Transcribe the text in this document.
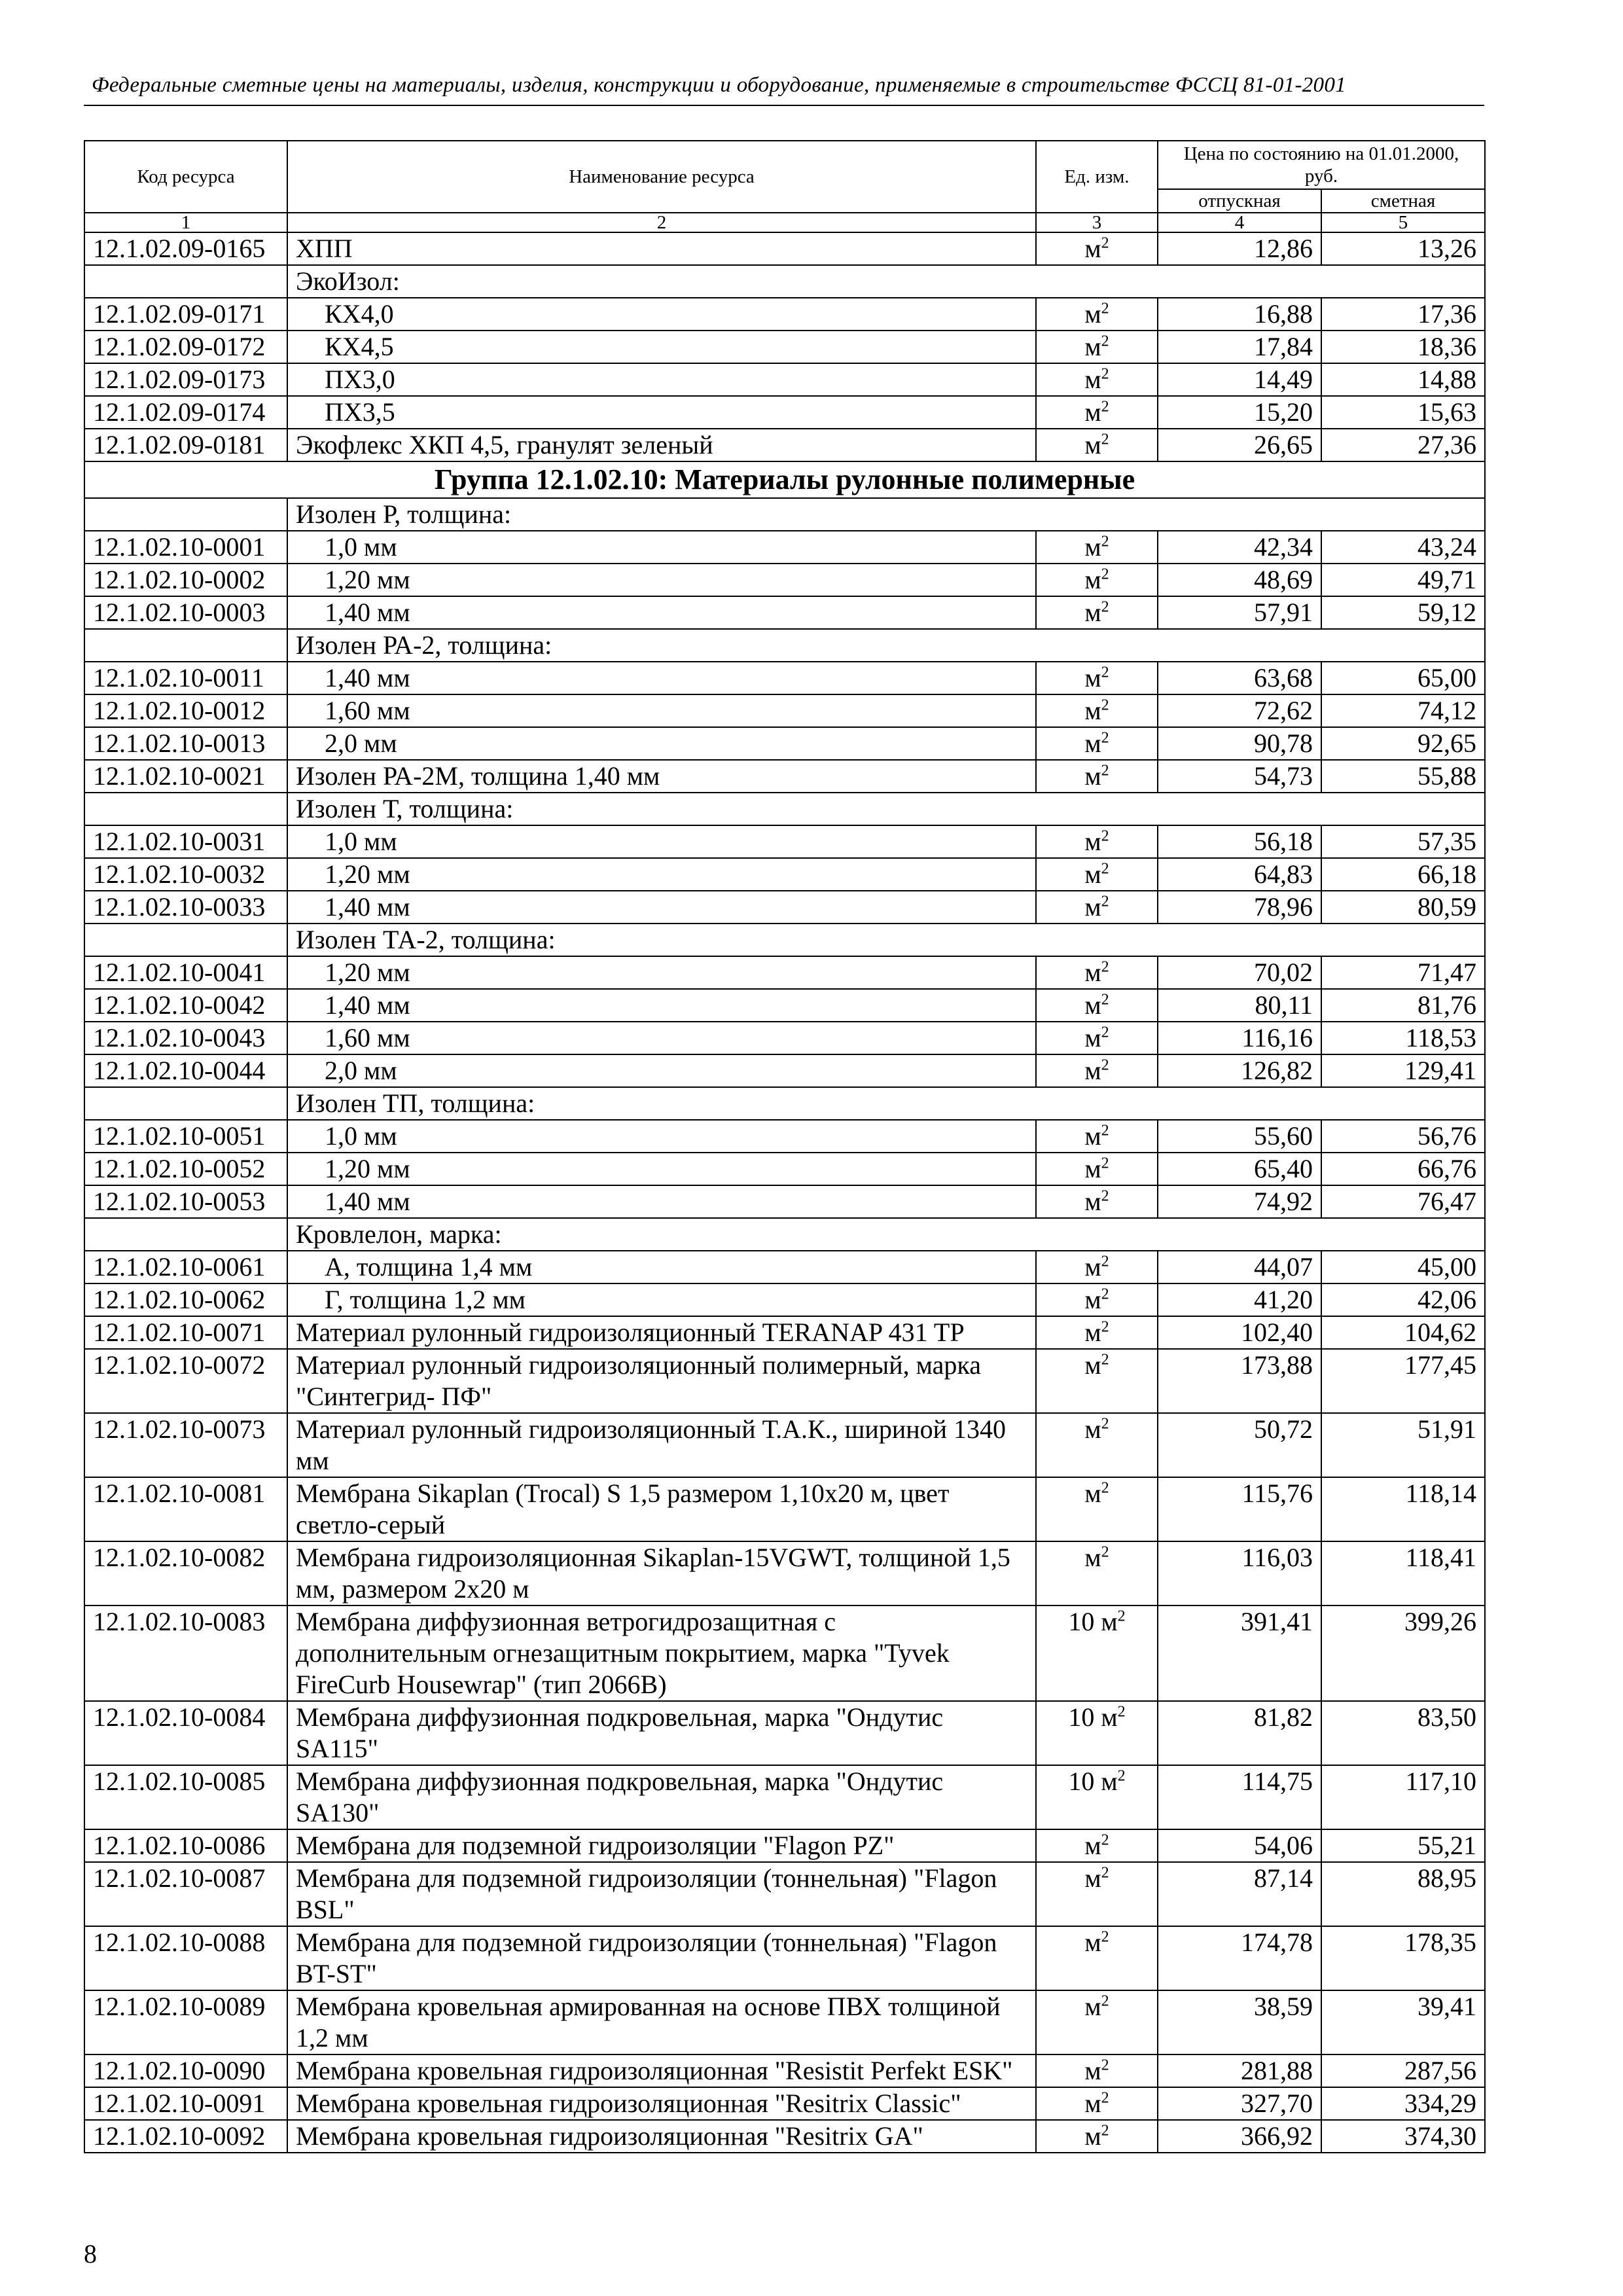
Федеральные сметные цены на материалы, изделия, конструкции и оборудование, применяемые в строительстве ФССЦ 81-01-2001
Код ресурса	Наименование ресурса	Ед. изм.	Цена по состоянию на 01.01.2000, руб.	
			отпускная	сметная
1	2	3	4	5
12.1.02.09-0165	ХПП	$м^2$	12,86	13,26
	ЭкоИзол:			
12.1.02.09-0171	КХ4,0	$м^2$	16,88	17,36
12.1.02.09-0172	КХ4,5	$м^2$	17,84	18,36
12.1.02.09-0173	ПХ3,0	$м^2$	14,49	14,88
12.1.02.09-0174	ПХ3,5	$м^2$	15,20	15,63
12.1.02.09-0181	Экофлекс ХКП 4,5, гранулят зеленый	$м^2$	26,65	27,36
Группа 12.1.02.10: Материалы рулонные полимерные				
	Изолен Р, толщина:			
12.1.02.10-0001	1,0 мм	$м^2$	42,34	43,24
12.1.02.10-0002	1,20 мм	$м^2$	48,69	49,71
12.1.02.10-0003	1,40 мм	$м^2$	57,91	59,12
	Изолен РА-2, толщина:			
12.1.02.10-0011	1,40 мм	$м^2$	63,68	65,00
12.1.02.10-0012	1,60 мм	$м^2$	72,62	74,12
12.1.02.10-0013	2,0 мм	$м^2$	90,78	92,65
12.1.02.10-0021	Изолен РА-2М, толщина 1,40 мм	$м^2$	54,73	55,88
	Изолен Т, толщина:			
12.1.02.10-0031	1,0 мм	$м^2$	56,18	57,35
12.1.02.10-0032	1,20 мм	$м^2$	64,83	66,18
12.1.02.10-0033	1,40 мм	$м^2$	78,96	80,59
	Изолен ТА-2, толщина:			
12.1.02.10-0041	1,20 мм	$м^2$	70,02	71,47
12.1.02.10-0042	1,40 мм	$м^2$	80,11	81,76
12.1.02.10-0043	1,60 мм	$м^2$	116,16	118,53
12.1.02.10-0044	2,0 мм	$м^2$	126,82	129,41
	Изолен ТП, толщина:			
12.1.02.10-0051	1,0 мм	$м^2$	55,60	56,76
12.1.02.10-0052	1,20 мм	$м^2$	65,40	66,76
12.1.02.10-0053	1,40 мм	$м^2$	74,92	76,47
	Кровлелон, марка:			
12.1.02.10-0061	А, толщина 1,4 мм	$м^2$	44,07	45,00
12.1.02.10-0062	Г, толщина 1,2 мм	$м^2$	41,20	42,06
12.1.02.10-0071	Материал рулонный гидроизоляционный TERANAP 431 TP	$м^2$	102,40	104,62
12.1.02.10-0072	Материал рулонный гидроизоляционный полимерный, марка "Синтегрид- ПФ"	$м^2$	173,88	177,45
12.1.02.10-0073	Материал рулонный гидроизоляционный Т.А.К., шириной 1340 мм	$м^2$	50,72	51,91
12.1.02.10-0081	Мембрана Sikaplan (Trocal) S 1,5 размером 1,10х20 м, цвет светло-серый	$м^2$	115,76	118,14
12.1.02.10-0082	Мембрана гидроизоляционная Sikaplan-15VGWT, толщиной 1,5 мм, размером 2х20 м	$м^2$	116,03	118,41
12.1.02.10-0083	Мембрана диффузионная ветрогидрозащитная с дополнительным огнезащитным покрытием, марка "Tyvek FireCurb Housewrap" (тип 2066В)	10 $м^2$	391,41	399,26
12.1.02.10-0084	Мембрана диффузионная подкровельная, марка "Ондутис SA115"	10 $м^2$	81,82	83,50
12.1.02.10-0085	Мембрана диффузионная подкровельная, марка "Ондутис SA130"	10 $м^2$	114,75	117,10
12.1.02.10-0086	Мембрана для подземной гидроизоляции "Flagon PZ"	$м^2$	54,06	55,21
12.1.02.10-0087	Мембрана для подземной гидроизоляции (тоннельная) "Flagon BSL"	$м^2$	87,14	88,95
12.1.02.10-0088	Мембрана для подземной гидроизоляции (тоннельная) "Flagon BT-ST"	$м^2$	174,78	178,35
12.1.02.10-0089	Мембрана кровельная армированная на основе ПВХ толщиной 1,2 мм	$м^2$	38,59	39,41
12.1.02.10-0090	Мембрана кровельная гидроизоляционная "Resistit Perfekt ESK"	$м^2$	281,88	287,56
12.1.02.10-0091	Мембрана кровельная гидроизоляционная "Resitrix Classic"	$м^2$	327,70	334,29
12.1.02.10-0092	Мембрана кровельная гидроизоляционная "Resitrix GA"	$м^2$	366,92	374,30
8
